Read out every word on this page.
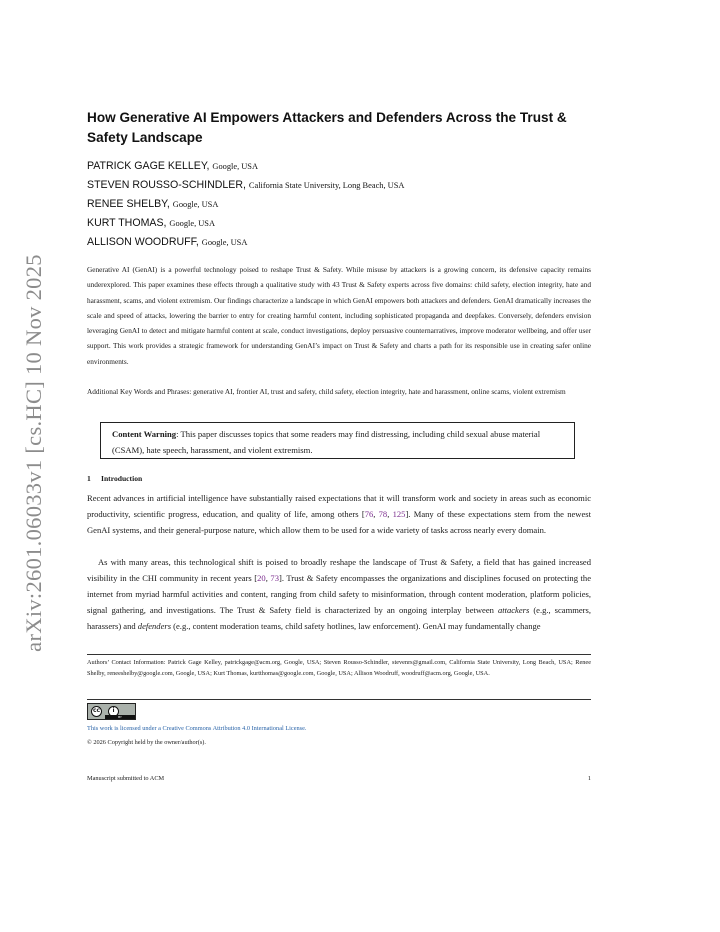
arXiv:2601.06033v1 [cs.HC] 10 Nov 2025
How Generative AI Empowers Attackers and Defenders Across the Trust & Safety Landscape
PATRICK GAGE KELLEY, Google, USA
STEVEN ROUSSO-SCHINDLER, California State University, Long Beach, USA
RENEE SHELBY, Google, USA
KURT THOMAS, Google, USA
ALLISON WOODRUFF, Google, USA

Generative AI (GenAI) is a powerful technology poised to reshape Trust & Safety. While misuse by attackers is a growing concern, its defensive capacity remains underexplored. This paper examines these effects through a qualitative study with 43 Trust & Safety experts across five domains: child safety, election integrity, hate and harassment, scams, and violent extremism. Our findings characterize a landscape in which GenAI empowers both attackers and defenders. GenAI dramatically increases the scale and speed of attacks, lowering the barrier to entry for creating harmful content, including sophisticated propaganda and deepfakes. Conversely, defenders envision leveraging GenAI to detect and mitigate harmful content at scale, conduct investigations, deploy persuasive counternarratives, improve moderator wellbeing, and offer user support. This work provides a strategic framework for understanding GenAI’s impact on Trust & Safety and charts a path for its responsible use in creating safer online environments.

Additional Key Words and Phrases: generative AI, frontier AI, trust and safety, child safety, election integrity, hate and harassment, online scams, violent extremism

Content Warning: This paper discusses topics that some readers may find distressing, including child sexual abuse material (CSAM), hate speech, harassment, and violent extremism.
1 Introduction

Recent advances in artificial intelligence have substantially raised expectations that it will transform work and society in areas such as economic productivity, scientific progress, education, and quality of life, among others [76, 78, 125]. Many of these expectations stem from the newest GenAI systems, and their general-purpose nature, which allow them to be used for a wide variety of tasks across nearly every domain.

As with many areas, this technological shift is poised to broadly reshape the landscape of Trust & Safety, a field that has gained increased visibility in the CHI community in recent years [20, 73]. Trust & Safety encompasses the organizations and disciplines focused on protecting the internet from myriad harmful activities and content, ranging from child safety to misinformation, through content moderation, platform policies, signal gathering, and investigations. The Trust & Safety field is characterized by an ongoing interplay between attackers (e.g., scammers, harassers) and defenders (e.g., content moderation teams, child safety hotlines, law enforcement). GenAI may fundamentally change

Authors’ Contact Information: Patrick Gage Kelley, patrickgage@acm.org, Google, USA; Steven Rousso-Schindler, stevenrs@gmail.com, California State University, Long Beach, USA; Renee Shelby, reneeshelby@google.com, Google, USA; Kurt Thomas, kurtthomas@google.com, Google, USA; Allison Woodruff, woodruff@acm.org, Google, USA.

cc	i
BY
This work is licensed under a Creative Commons Attribution 4.0 International License.
© 2026 Copyright held by the owner/author(s).
Manuscript submitted to ACM	1
